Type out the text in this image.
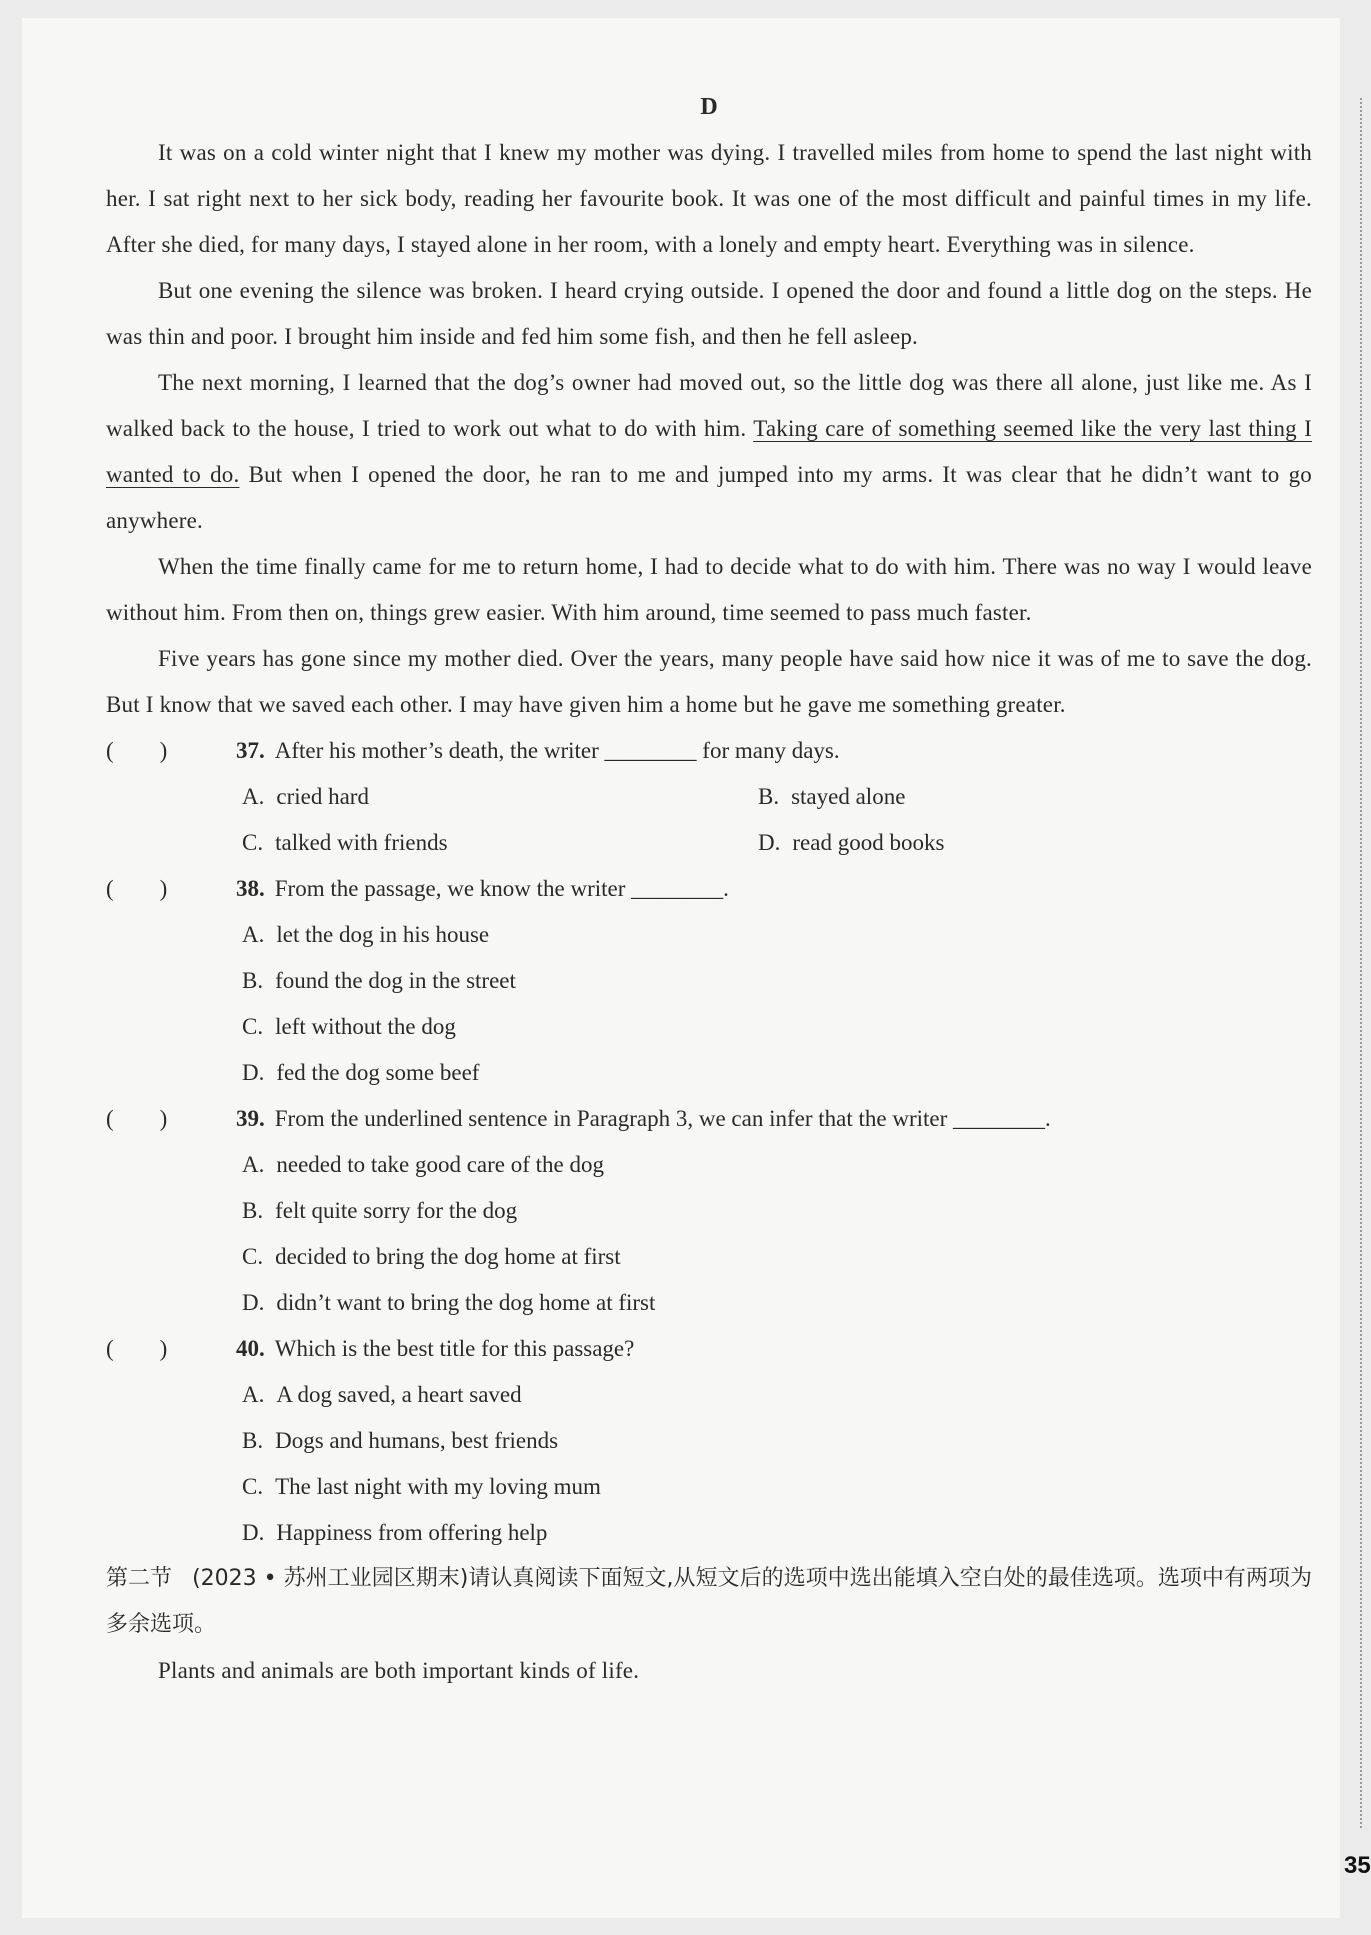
35
D

It was on a cold winter night that I knew my mother was dying. I travelled miles from home to spend the last night with her. I sat right next to her sick body, reading her favourite book. It was one of the most difficult and painful times in my life. After she died, for many days, I stayed alone in her room, with a lonely and empty heart. Everything was in silence.

But one evening the silence was broken. I heard crying outside. I opened the door and found a little dog on the steps. He was thin and poor. I brought him inside and fed him some fish, and then he fell asleep.

The next morning, I learned that the dog’s owner had moved out, so the little dog was there all alone, just like me. As I walked back to the house, I tried to work out what to do with him. Taking care of something seemed like the very last thing I wanted to do. But when I opened the door, he ran to me and jumped into my arms. It was clear that he didn’t want to go anywhere.

When the time finally came for me to return home, I had to decide what to do with him. There was no way I would leave without him. From then on, things grew easier. With him around, time seemed to pass much faster.

Five years has gone since my mother died. Over the years, many people have said how nice it was of me to save the dog. But I know that we saved each other. I may have given him a home but he gave me something greater.

(        )	37. After his mother’s death, the writer ________ for many days.
A. cried hard	B. stayed alone
C. talked with friends	D. read good books
(        )	38. From the passage, we know the writer ________.
A. let the dog in his house
B. found the dog in the street
C. left without the dog
D. fed the dog some beef
(        )	39. From the underlined sentence in Paragraph 3, we can infer that the writer ________.
A. needed to take good care of the dog
B. felt quite sorry for the dog
C. decided to bring the dog home at first
D. didn’t want to bring the dog home at first
(        )	40. Which is the best title for this passage?
A. A dog saved, a heart saved
B. Dogs and humans, best friends
C. The last night with my loving mum
D. Happiness from offering help

第二节 (2023 • 苏州工业园区期末)请认真阅读下面短文,从短文后的选项中选出能填入空白处的最佳选项。选项中有两项为多余选项。

Plants and animals are both important kinds of life.
